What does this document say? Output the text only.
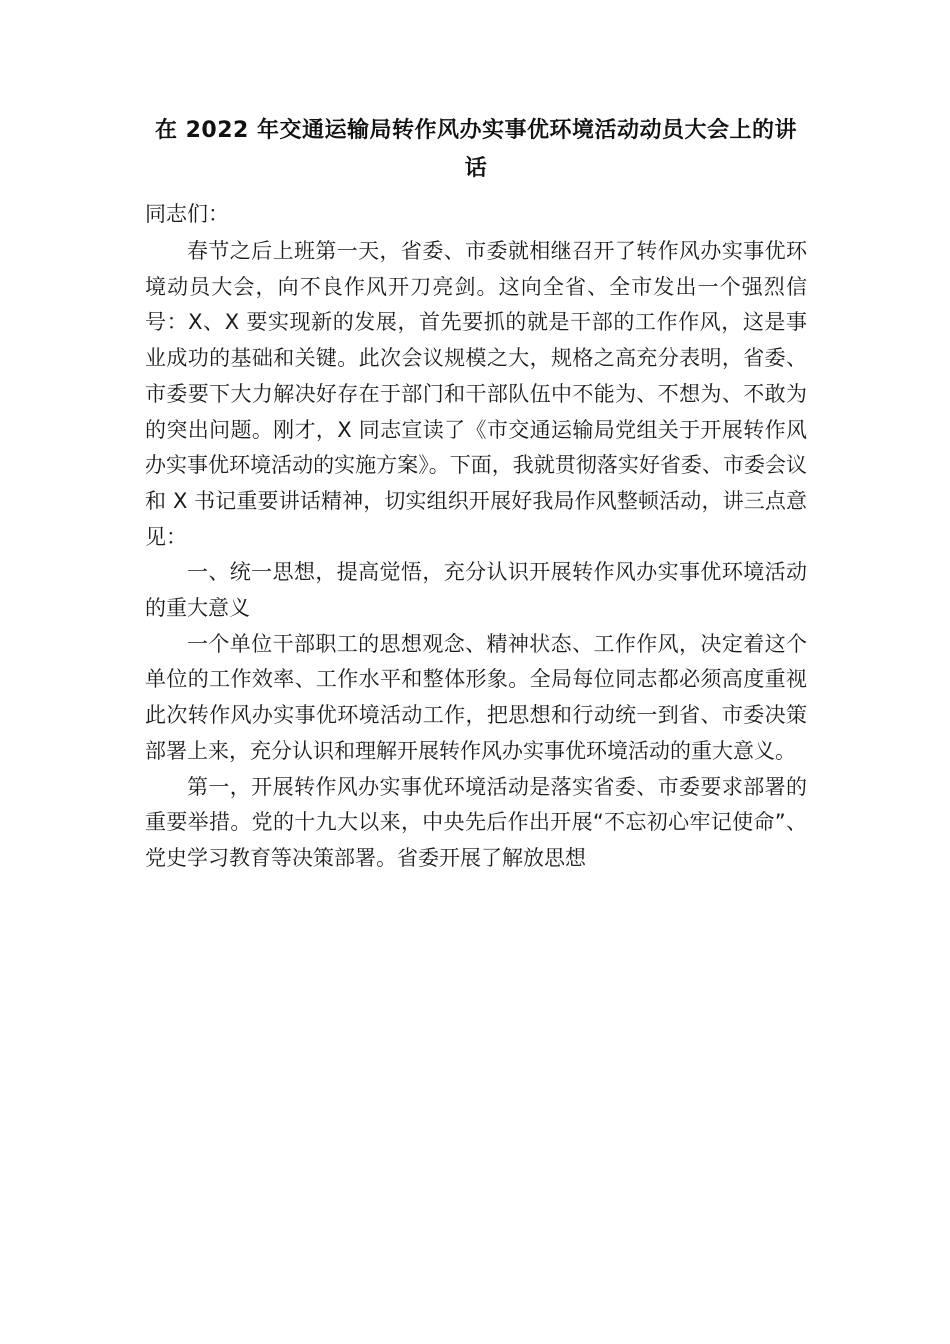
在 2022 年交通运输局转作风办实事优环境活动动员大会上的讲话

同志们：

春节之后上班第一天，省委、市委就相继召开了转作风办实事优环境动员大会，向不良作风开刀亮剑。这向全省、全市发出一个强烈信号：X、X 要实现新的发展，首先要抓的就是干部的工作作风，这是事业成功的基础和关键。此次会议规模之大，规格之高充分表明，省委、市委要下大力解决好存在于部门和干部队伍中不能为、不想为、不敢为的突出问题。刚才，X 同志宣读了《市交通运输局党组关于开展转作风办实事优环境活动的实施方案》。下面，我就贯彻落实好省委、市委会议和 X 书记重要讲话精神，切实组织开展好我局作风整顿活动，讲三点意见：

一、统一思想，提高觉悟，充分认识开展转作风办实事优环境活动的重大意义

一个单位干部职工的思想观念、精神状态、工作作风，决定着这个单位的工作效率、工作水平和整体形象。全局每位同志都必须高度重视此次转作风办实事优环境活动工作，把思想和行动统一到省、市委决策部署上来，充分认识和理解开展转作风办实事优环境活动的重大意义。

第一，开展转作风办实事优环境活动是落实省委、市委要求部署的重要举措。党的十九大以来，中央先后作出开展“不忘初心牢记使命”、党史学习教育等决策部署。省委开展了解放思想
